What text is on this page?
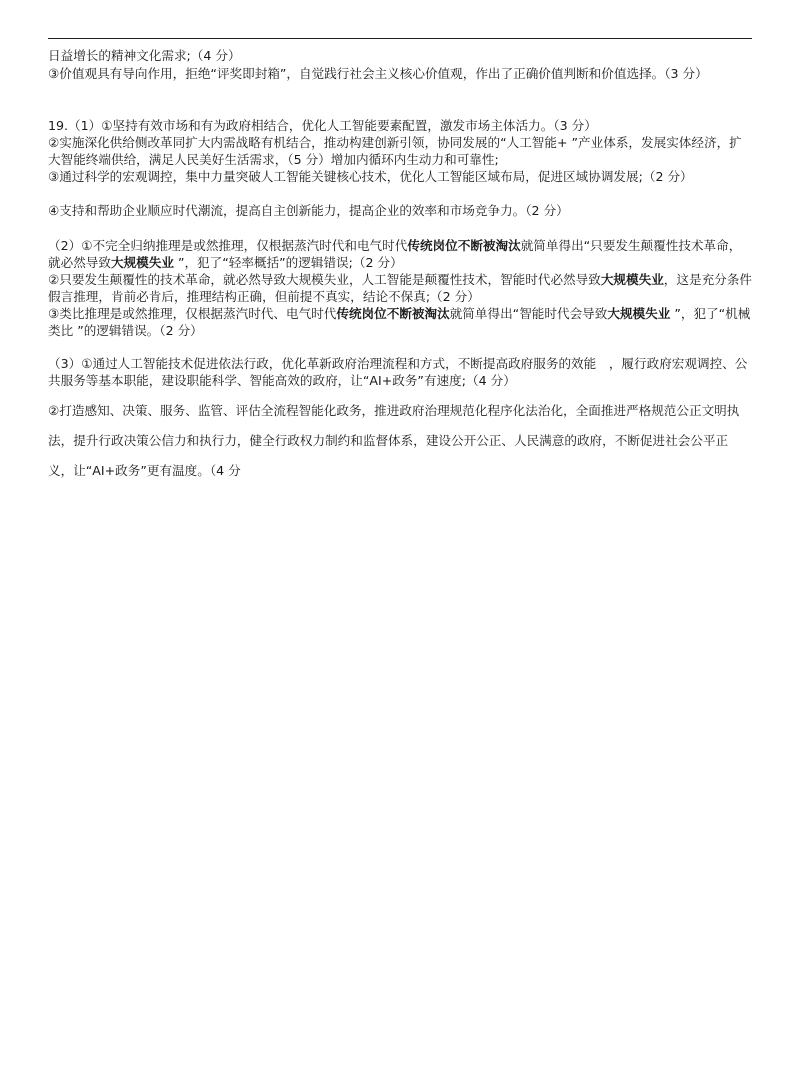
日益增长的精神文化需求;（4 分）

③价值观具有导向作用，拒绝“评奖即封箱”，自觉践行社会主义核心价值观，作出了正确价值判断和价值选择。（3 分）

19.（1）①坚持有效市场和有为政府相结合，优化人工智能要素配置，激发市场主体活力。（3 分）

②实施深化供给侧改革同扩大内需战略有机结合，推动构建创新引领，协同发展的“人工智能+ ”产业体系，发展实体经济，扩大智能终端供给，满足人民美好生活需求，（5 分）增加内循环内生动力和可靠性;

③通过科学的宏观调控，集中力量突破人工智能关键核心技术，优化人工智能区域布局，促进区域协调发展;（2 分）

④支持和帮助企业顺应时代潮流，提高自主创新能力，提高企业的效率和市场竞争力。（2 分）

（2）①不完全归纳推理是或然推理，仅根据蒸汽时代和电气时代传统岗位不断被淘汰就简单得出“只要发生颠覆性技术革命，就必然导致大规模失业 ”，犯了“轻率概括”的逻辑错误;（2 分）

②只要发生颠覆性的技术革命，就必然导致大规模失业，人工智能是颠覆性技术，智能时代必然导致大规模失业，这是充分条件假言推理，肯前必肯后，推理结构正确，但前提不真实，结论不保真;（2 分）

③类比推理是或然推理，仅根据蒸汽时代、电气时代传统岗位不断被淘汰就简单得出“智能时代会导致大规模失业 ”，犯了“机械类比 ”的逻辑错误。（2 分）

（3）①通过人工智能技术促进依法行政，优化革新政府治理流程和方式，不断提高政府服务的效能　，履行政府宏观调控、公共服务等基本职能，建设职能科学、智能高效的政府，让“AI+政务”有速度;（4 分）

②打造感知、决策、服务、监管、评估全流程智能化政务，推进政府治理规范化程序化法治化，全面推进严格规范公正文明执法，提升行政决策公信力和执行力，健全行政权力制约和监督体系，建设公开公正、人民满意的政府，不断促进社会公平正义，让“AI+政务”更有温度。（4 分
